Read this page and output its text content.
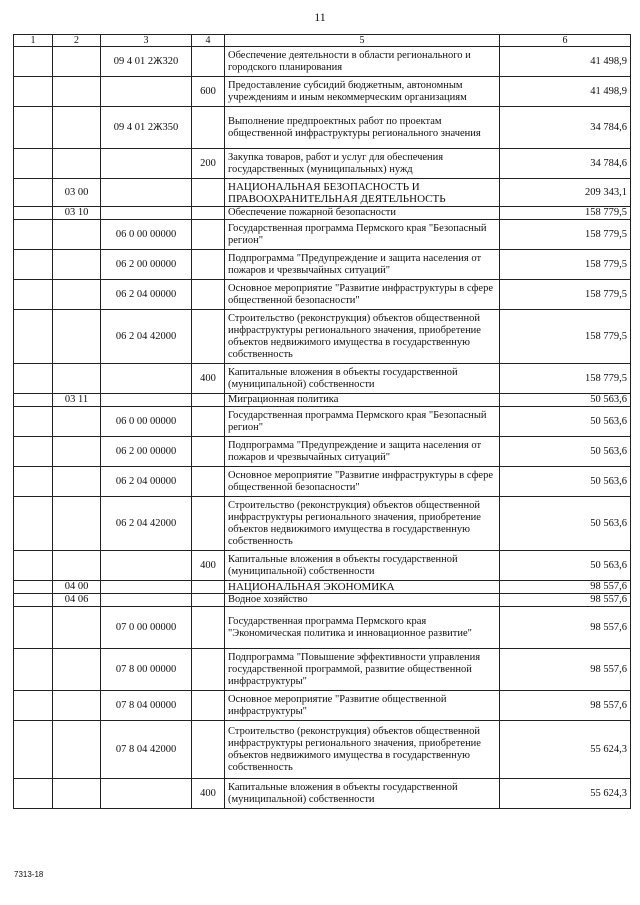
11
1	2	3	4	5	6
		09 4 01 2Ж320		Обеспечение деятельности в области регионального и городского планирования	41 498,9
			600	Предоставление субсидий бюджетным, автономным учреждениям и иным некоммерческим организациям	41 498,9
		09 4 01 2Ж350		Выполнение предпроектных работ по проектам общественной инфраструктуры регионального значения	34 784,6
			200	Закупка товаров, работ и услуг для обеспечения государственных (муниципальных) нужд	34 784,6
	03 00			НАЦИОНАЛЬНАЯ БЕЗОПАСНОСТЬ И ПРАВООХРАНИТЕЛЬНАЯ ДЕЯТЕЛЬНОСТЬ	209 343,1
	03 10			Обеспечение пожарной безопасности	158 779,5
		06 0 00 00000		Государственная программа Пермского края "Безопасный регион"	158 779,5
		06 2 00 00000		Подпрограмма "Предупреждение и защита населения от пожаров и чрезвычайных ситуаций"	158 779,5
		06 2 04 00000		Основное мероприятие "Развитие инфраструктуры в сфере общественной безопасности"	158 779,5
		06 2 04 42000		Строительство (реконструкция) объектов общественной инфраструктуры регионального значения, приобретение объектов недвижимого имущества в государственную собственность	158 779,5
			400	Капитальные вложения в объекты государственной (муниципальной) собственности	158 779,5
	03 11			Миграционная политика	50 563,6
		06 0 00 00000		Государственная программа Пермского края "Безопасный регион"	50 563,6
		06 2 00 00000		Подпрограмма "Предупреждение и защита населения от пожаров и чрезвычайных ситуаций"	50 563,6
		06 2 04 00000		Основное мероприятие "Развитие инфраструктуры в сфере общественной безопасности"	50 563,6
		06 2 04 42000		Строительство (реконструкция) объектов общественной инфраструктуры регионального значения, приобретение объектов недвижимого имущества в государственную собственность	50 563,6
			400	Капитальные вложения в объекты государственной (муниципальной) собственности	50 563,6
	04 00			НАЦИОНАЛЬНАЯ ЭКОНОМИКА	98 557,6
	04 06			Водное хозяйство	98 557,6
		07 0 00 00000		Государственная программа Пермского края "Экономическая политика и инновационное развитие"	98 557,6
		07 8 00 00000		Подпрограмма "Повышение эффективности управления государственной программой, развитие общественной инфраструктуры"	98 557,6
		07 8 04 00000		Основное мероприятие "Развитие общественной инфраструктуры"	98 557,6
		07 8 04 42000		Строительство (реконструкция) объектов общественной инфраструктуры регионального значения, приобретение объектов недвижимого имущества в государственную собственность	55 624,3
			400	Капитальные вложения в объекты государственной (муниципальной) собственности	55 624,3
7313-18
